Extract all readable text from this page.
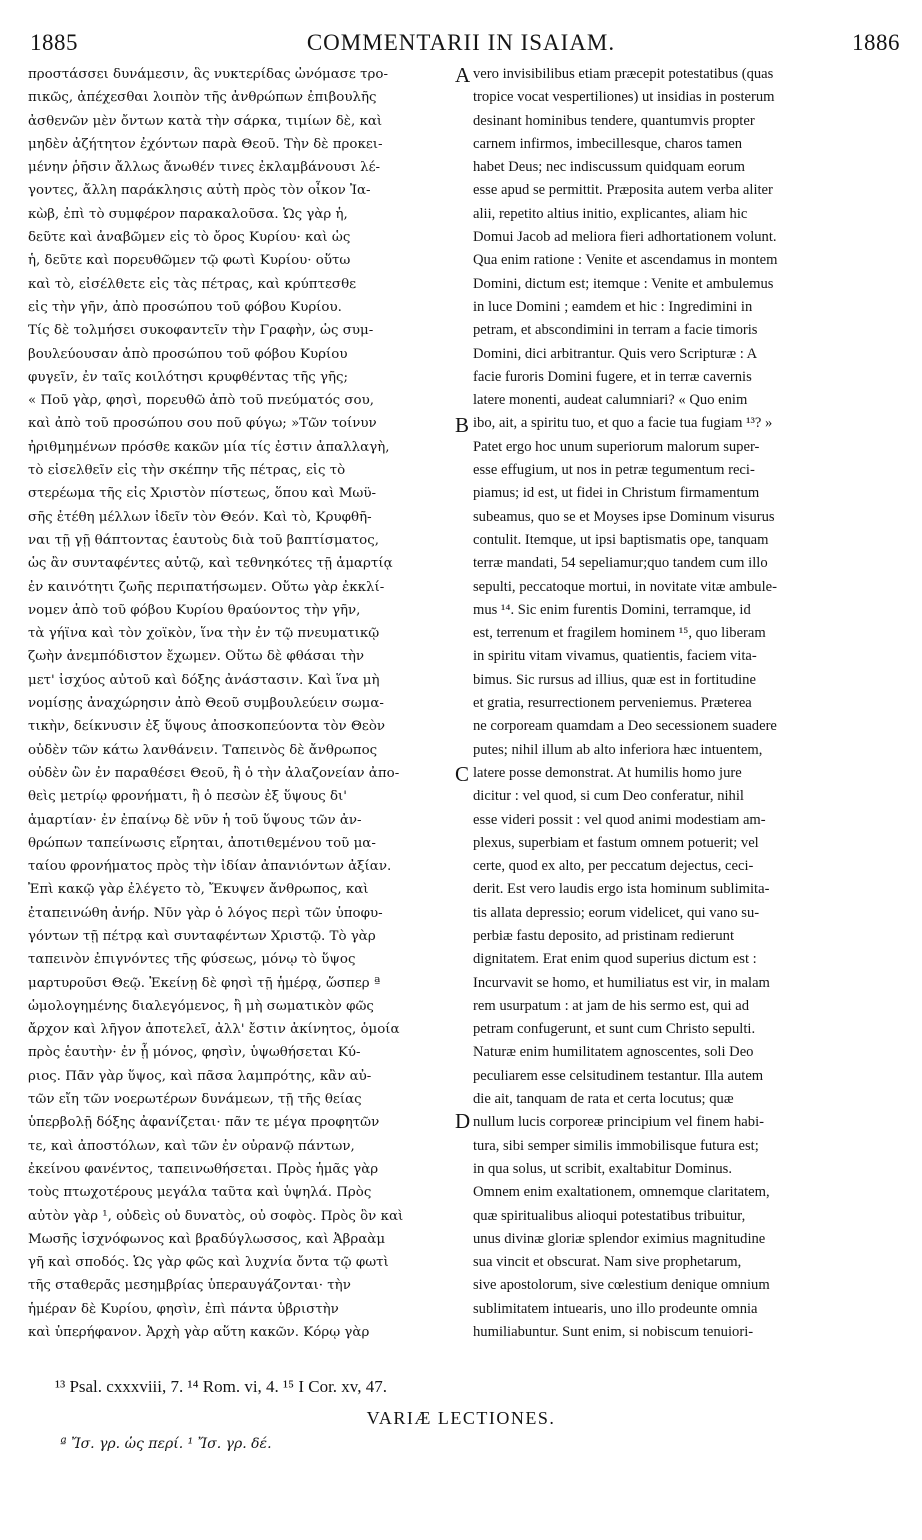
1885	COMMENTARII IN ISAIAM.	1886
προστάσσει δυνάμεσιν, ἃς νυκτερίδας ὠνόμασε τρο-
πικῶς, ἀπέχεσθαι λοιπὸν τῆς ἀνθρώπων ἐπιβουλῆς
ἀσθενῶν μὲν ὄντων κατὰ τὴν σάρκα, τιμίων δὲ, καὶ
μηδὲν ἀζήτητον ἐχόντων παρὰ Θεοῦ. Τὴν δὲ προκει-
μένην ῥῆσιν ἄλλως ἄνωθέν τινες ἐκλαμβάνουσι λέ-
γοντες, ἄλλη παράκλησις αὐτὴ πρὸς τὸν οἶκον Ἰα-
κὼβ, ἐπὶ τὸ συμφέρον παρακαλοῦσα. Ὡς γὰρ ἡ,
δεῦτε καὶ ἀναβῶμεν εἰς τὸ ὄρος Κυρίου· καὶ ὡς
ἡ, δεῦτε καὶ πορευθῶμεν τῷ φωτὶ Κυρίου· οὕτω
καὶ τὸ, εἰσέλθετε εἰς τὰς πέτρας, καὶ κρύπτεσθε
εἰς τὴν γῆν, ἀπὸ προσώπου τοῦ φόβου Κυρίου.
Τίς δὲ τολμήσει συκοφαντεῖν τὴν Γραφὴν, ὡς συμ-
βουλεύουσαν ἀπὸ προσώπου τοῦ φόβου Κυρίου
φυγεῖν, ἐν ταῖς κοιλότησι κρυφθέντας τῆς γῆς;
« Ποῦ γὰρ, φησὶ, πορευθῶ ἀπὸ τοῦ πνεύματός σου,
καὶ ἀπὸ τοῦ προσώπου σου ποῦ φύγω; »Τῶν τοίνυν
ἠριθμημένων πρόσθε κακῶν μία τίς ἐστιν ἀπαλλαγὴ,
τὸ εἰσελθεῖν εἰς τὴν σκέπην τῆς πέτρας, εἰς τὸ
στερέωμα τῆς εἰς Χριστὸν πίστεως, ὅπου καὶ Μωϋ-
σῆς ἐτέθη μέλλων ἰδεῖν τὸν Θεόν. Καὶ τὸ, Κρυφθῆ-
ναι τῇ γῇ θάπτοντας ἑαυτοὺς διὰ τοῦ βαπτίσματος,
ὡς ἂν συνταφέντες αὐτῷ, καὶ τεθνηκότες τῇ ἁμαρτίᾳ
ἐν καινότητι ζωῆς περιπατήσωμεν. Οὕτω γὰρ ἐκκλί-
νομεν ἀπὸ τοῦ φόβου Κυρίου θραύοντος τὴν γῆν,
τὰ γήϊνα καὶ τὸν χοϊκὸν, ἵνα τὴν ἐν τῷ πνευματικῷ
ζωὴν ἀνεμπόδιστον ἔχωμεν. Οὕτω δὲ φθάσαι τὴν
μετ' ἰσχύος αὐτοῦ καὶ δόξης ἀνάστασιν. Καὶ ἵνα μὴ
νομίσῃς ἀναχώρησιν ἀπὸ Θεοῦ συμβουλεύειν σωμα-
τικὴν, δείκνυσιν ἐξ ὕψους ἀποσκοπεύοντα τὸν Θεὸν
οὐδὲν τῶν κάτω λανθάνειν. Ταπεινὸς δὲ ἄνθρωπος
οὐδὲν ὢν ἐν παραθέσει Θεοῦ, ἢ ὁ τὴν ἀλαζονείαν ἀπο-
θεὶς μετρίῳ φρονήματι, ἢ ὁ πεσὼν ἐξ ὕψους δι'
ἁμαρτίαν· ἐν ἐπαίνῳ δὲ νῦν ἡ τοῦ ὕψους τῶν ἀν-
θρώπων ταπείνωσις εἴρηται, ἀποτιθεμένου τοῦ μα-
ταίου φρονήματος πρὸς τὴν ἰδίαν ἀπανιόντων ἀξίαν.
Ἐπὶ κακῷ γὰρ ἐλέγετο τὸ, Ἔκυψεν ἄνθρωπος, καὶ
ἐταπεινώθη ἀνήρ. Νῦν γὰρ ὁ λόγος περὶ τῶν ὑποφυ-
γόντων τῇ πέτρᾳ καὶ συνταφέντων Χριστῷ. Τὸ γὰρ
ταπεινὸν ἐπιγνόντες τῆς φύσεως, μόνῳ τὸ ὕψος
μαρτυροῦσι Θεῷ. Ἐκείνῃ δὲ φησὶ τῇ ἡμέρᾳ, ὥσπερ ª
ὡμολογημένης διαλεγόμενος, ἢ μὴ σωματικὸν φῶς
ἄρχον καὶ λῆγον ἀποτελεῖ, ἀλλ' ἔστιν ἀκίνητος, ὁμοία
πρὸς ἑαυτὴν· ἐν ᾗ μόνος, φησὶν, ὑψωθήσεται Κύ-
ριος. Πᾶν γὰρ ὕψος, καὶ πᾶσα λαμπρότης, κἂν αὐ-
τῶν εἴη τῶν νοερωτέρων δυνάμεων, τῇ τῆς θείας
ὑπερβολῇ δόξης ἀφανίζεται· πᾶν τε μέγα προφητῶν
τε, καὶ ἀποστόλων, καὶ τῶν ἐν οὐρανῷ πάντων,
ἐκείνου φανέντος, ταπεινωθήσεται. Πρὸς ἡμᾶς γὰρ
τοὺς πτωχοτέρους μεγάλα ταῦτα καὶ ὑψηλά. Πρὸς
αὐτὸν γὰρ ¹, οὐδεὶς οὐ δυνατὸς, οὐ σοφὸς. Πρὸς ὃν καὶ
Μωσῆς ἰσχνόφωνος καὶ βραδύγλωσσος, καὶ Ἀβραὰμ
γῆ καὶ σποδός. Ὡς γὰρ φῶς καὶ λυχνία ὄντα τῷ φωτὶ
τῆς σταθερᾶς μεσημβρίας ὑπεραυγάζονται· τὴν
ἡμέραν δὲ Κυρίου, φησὶν, ἐπὶ πάντα ὑβριστὴν
καὶ ὑπερήφανον. Ἀρχὴ γὰρ αὕτη κακῶν. Κόρῳ γὰρ
A
B
C
D
vero invisibilibus etiam præcepit potestatibus (quas
tropice vocat vespertiliones) ut insidias in posterum
desinant hominibus tendere, quantumvis propter
carnem infirmos, imbecillesque, charos tamen
habet Deus; nec indiscussum quidquam eorum
esse apud se permittit. Præposita autem verba aliter
alii, repetito altius initio, explicantes, aliam hic
Domui Jacob ad meliora fieri adhortationem volunt.
Qua enim ratione : Venite et ascendamus in montem
Domini, dictum est; itemque : Venite et ambulemus
in luce Domini ; eamdem et hic : Ingredimini in
petram, et abscondimini in terram a facie timoris
Domini, dici arbitrantur. Quis vero Scripturæ : A
facie furoris Domini fugere, et in terræ cavernis
latere monenti, audeat calumniari? « Quo enim
ibo, ait, a spiritu tuo, et quo a facie tua fugiam ¹³? »
Patet ergo hoc unum superiorum malorum super-
esse effugium, ut nos in petræ tegumentum reci-
piamus; id est, ut fidei in Christum firmamentum
subeamus, quo se et Moyses ipse Dominum visurus
contulit. Itemque, ut ipsi baptismatis ope, tanquam
terræ mandati, 54 sepeliamur;quo tandem cum illo
sepulti, peccatoque mortui, in novitate vitæ ambule-
mus ¹⁴. Sic enim furentis Domini, terramque, id
est, terrenum et fragilem hominem ¹⁵, quo liberam
in spiritu vitam vivamus, quatientis, faciem vita-
bimus. Sic rursus ad illius, quæ est in fortitudine
et gratia, resurrectionem perveniemus. Præterea
ne corpoream quamdam a Deo secessionem suadere
putes; nihil illum ab alto inferiora hæc intuentem,
latere posse demonstrat. At humilis homo jure
dicitur : vel quod, si cum Deo conferatur, nihil
esse videri possit : vel quod animi modestiam am-
plexus, superbiam et fastum omnem potuerit; vel
certe, quod ex alto, per peccatum dejectus, ceci-
derit. Est vero laudis ergo ista hominum sublimita-
tis allata depressio; eorum videlicet, qui vano su-
perbiæ fastu deposito, ad pristinam redierunt
dignitatem. Erat enim quod superius dictum est :
Incurvavit se homo, et humiliatus est vir, in malam
rem usurpatum : at jam de his sermo est, qui ad
petram confugerunt, et sunt cum Christo sepulti.
Naturæ enim humilitatem agnoscentes, soli Deo
peculiarem esse celsitudinem testantur. Illa autem
die ait, tanquam de rata et certa locutus; quæ
nullum lucis corporeæ principium vel finem habi-
tura, sibi semper similis immobilisque futura est;
in qua solus, ut scribit, exaltabitur Dominus.
Omnem enim exaltationem, omnemque claritatem,
quæ spiritualibus alioqui potestatibus tribuitur,
unus divinæ gloriæ splendor eximius magnitudine
sua vincit et obscurat. Nam sive prophetarum,
sive apostolorum, sive cœlestium denique omnium
sublimitatem intuearis, uno illo prodeunte omnia
humiliabuntur. Sunt enim, si nobiscum tenuiori-
¹³ Psal. cxxxviii, 7. ¹⁴ Rom. vi, 4. ¹⁵ I Cor. xv, 47.
VARIÆ LECTIONES.
ª Ἴσ. γρ. ὡς περί. ¹ Ἴσ. γρ. δέ.
